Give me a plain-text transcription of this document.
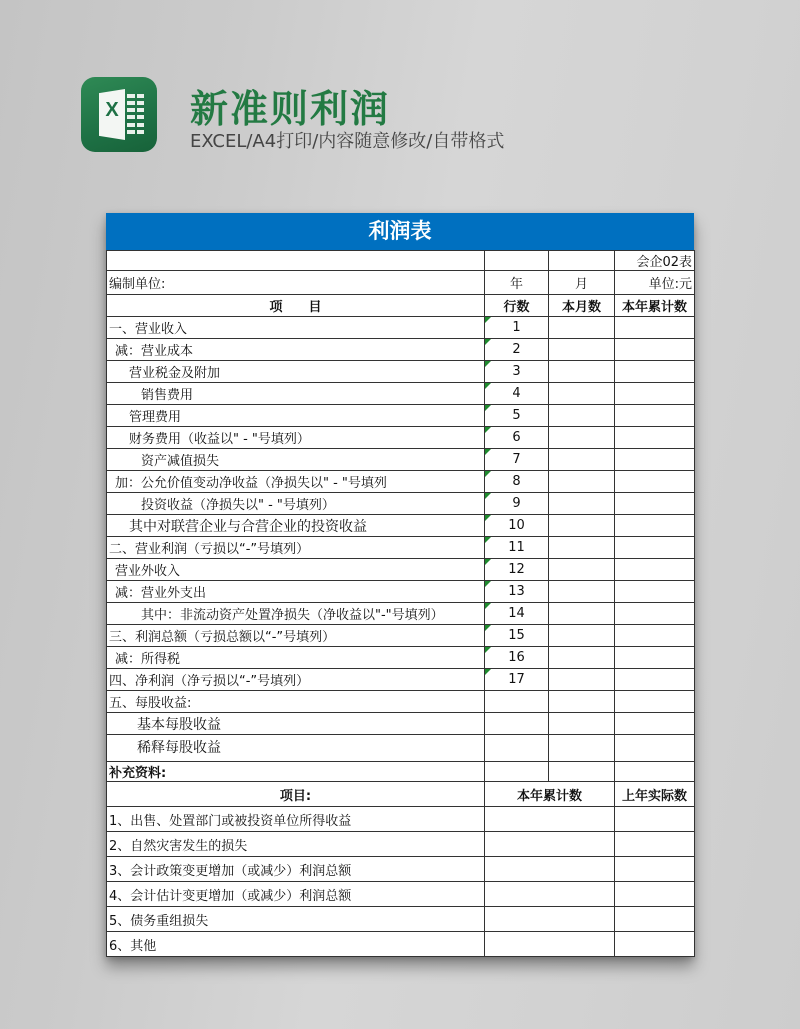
X 新准则利润
EXCEL/A4打印/内容随意修改/自带格式
利润表
			会企02表
编制单位:	年	月	单位:元
项　　目	行数	本月数	本年累计数
一、营业收入	1		
减：营业成本	2		
营业税金及附加	3		
销售费用	4		
管理费用	5		
财务费用（收益以" - "号填列）	6		
资产减值损失	7		
加：公允价值变动净收益（净损失以" - "号填列	8		
投资收益（净损失以" - "号填列）	9		
其中对联营企业与合营企业的投资收益	10		
二、营业利润（亏损以“-”号填列）	11		
营业外收入	12		
减：营业外支出	13		
其中：非流动资产处置净损失（净收益以"-"号填列）	14		
三、利润总额（亏损总额以“-”号填列）	15		
减：所得税	16		
四、净利润（净亏损以“-”号填列）	17		
五、每股收益:			
基本每股收益			
稀释每股收益			
补充资料:			
项目:	本年累计数		上年实际数
1、出售、处置部门或被投资单位所得收益			
2、自然灾害发生的损失			
3、会计政策变更增加（或减少）利润总额			
4、会计估计变更增加（或减少）利润总额			
5、债务重组损失			
6、其他			
